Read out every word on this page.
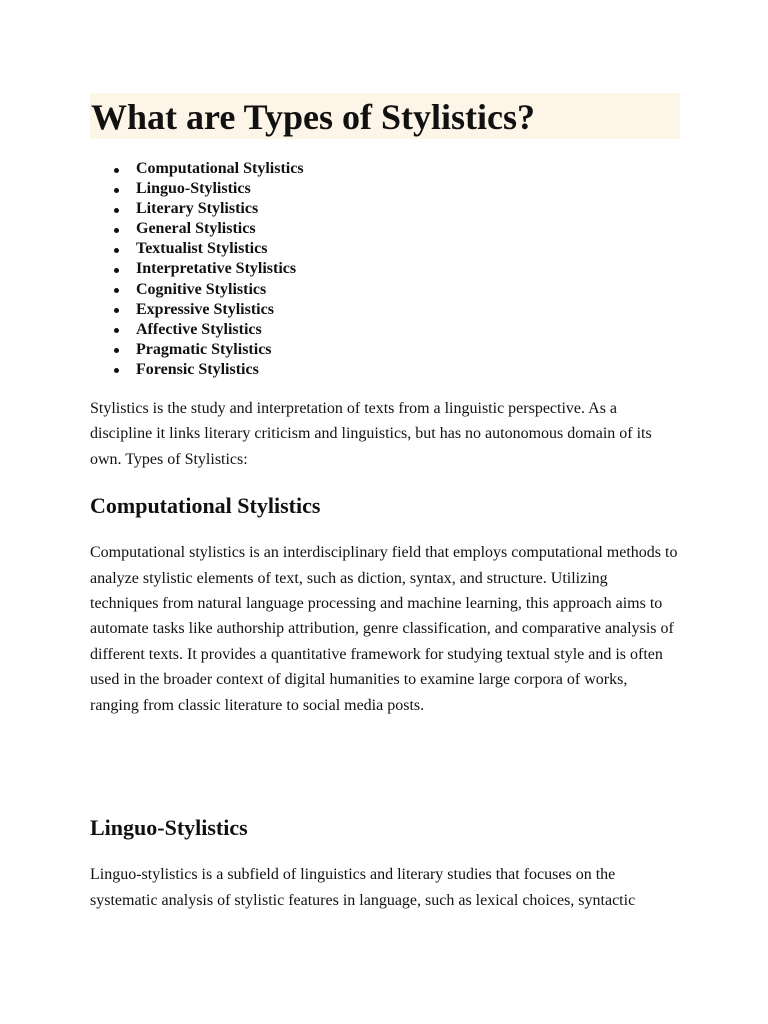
What are Types of Stylistics?
Computational Stylistics
Linguo-Stylistics
Literary Stylistics
General Stylistics
Textualist Stylistics
Interpretative Stylistics
Cognitive Stylistics
Expressive Stylistics
Affective Stylistics
Pragmatic Stylistics
Forensic Stylistics

Stylistics is the study and interpretation of texts from a linguistic perspective. As a discipline it links literary criticism and linguistics, but has no autonomous domain of its own. Types of Stylistics:

Computational Stylistics

Computational stylistics is an interdisciplinary field that employs computational methods to analyze stylistic elements of text, such as diction, syntax, and structure. Utilizing techniques from natural language processing and machine learning, this approach aims to automate tasks like authorship attribution, genre classification, and comparative analysis of different texts. It provides a quantitative framework for studying textual style and is often used in the broader context of digital humanities to examine large corpora of works, ranging from classic literature to social media posts.

Linguo-Stylistics

Linguo-stylistics is a subfield of linguistics and literary studies that focuses on the systematic analysis of stylistic features in language, such as lexical choices, syntactic
